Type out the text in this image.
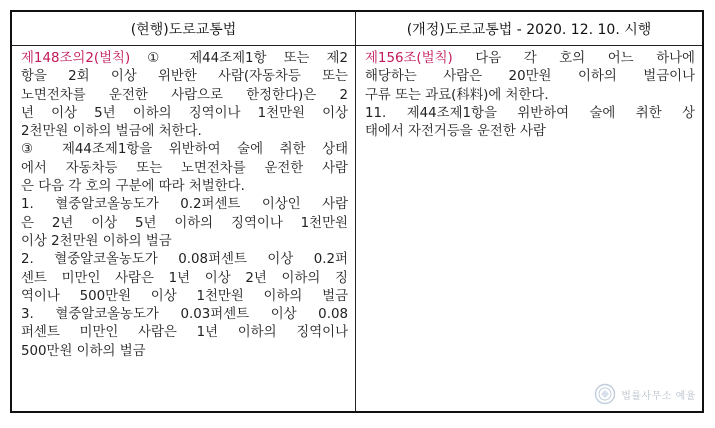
(현행)도로교통법	(개정)도로교통법 - 2020. 12. 10. 시행
제148조의2(벌칙) ① 제44조제1항 또는 제2
항을 2회 이상 위반한 사람(자동차등 또는
노면전차를 운전한 사람으로 한정한다)은 2
년 이상 5년 이하의 징역이나 1천만원 이상
2천만원 이하의 벌금에 처한다.
③ 제44조제1항을 위반하여 술에 취한 상태
에서 자동차등 또는 노면전차를 운전한 사람
은 다음 각 호의 구분에 따라 처벌한다.
1. 혈중알코올농도가 0.2퍼센트 이상인 사람
은 2년 이상 5년 이하의 징역이나 1천만원
이상 2천만원 이하의 벌금
2. 혈중알코올농도가 0.08퍼센트 이상 0.2퍼
센트 미만인 사람은 1년 이상 2년 이하의 징
역이나 500만원 이상 1천만원 이하의 벌금
3. 혈중알코올농도가 0.03퍼센트 이상 0.08
퍼센트 미만인 사람은 1년 이하의 징역이나
500만원 이하의 벌금
제156조(벌칙) 다음 각 호의 어느 하나에
해당하는 사람은 20만원 이하의 벌금이나
구류 또는 과료(科料)에 처한다.
11. 제44조제1항을 위반하여 술에 취한 상
태에서 자전거등을 운전한 사람
법률사무소 예율
